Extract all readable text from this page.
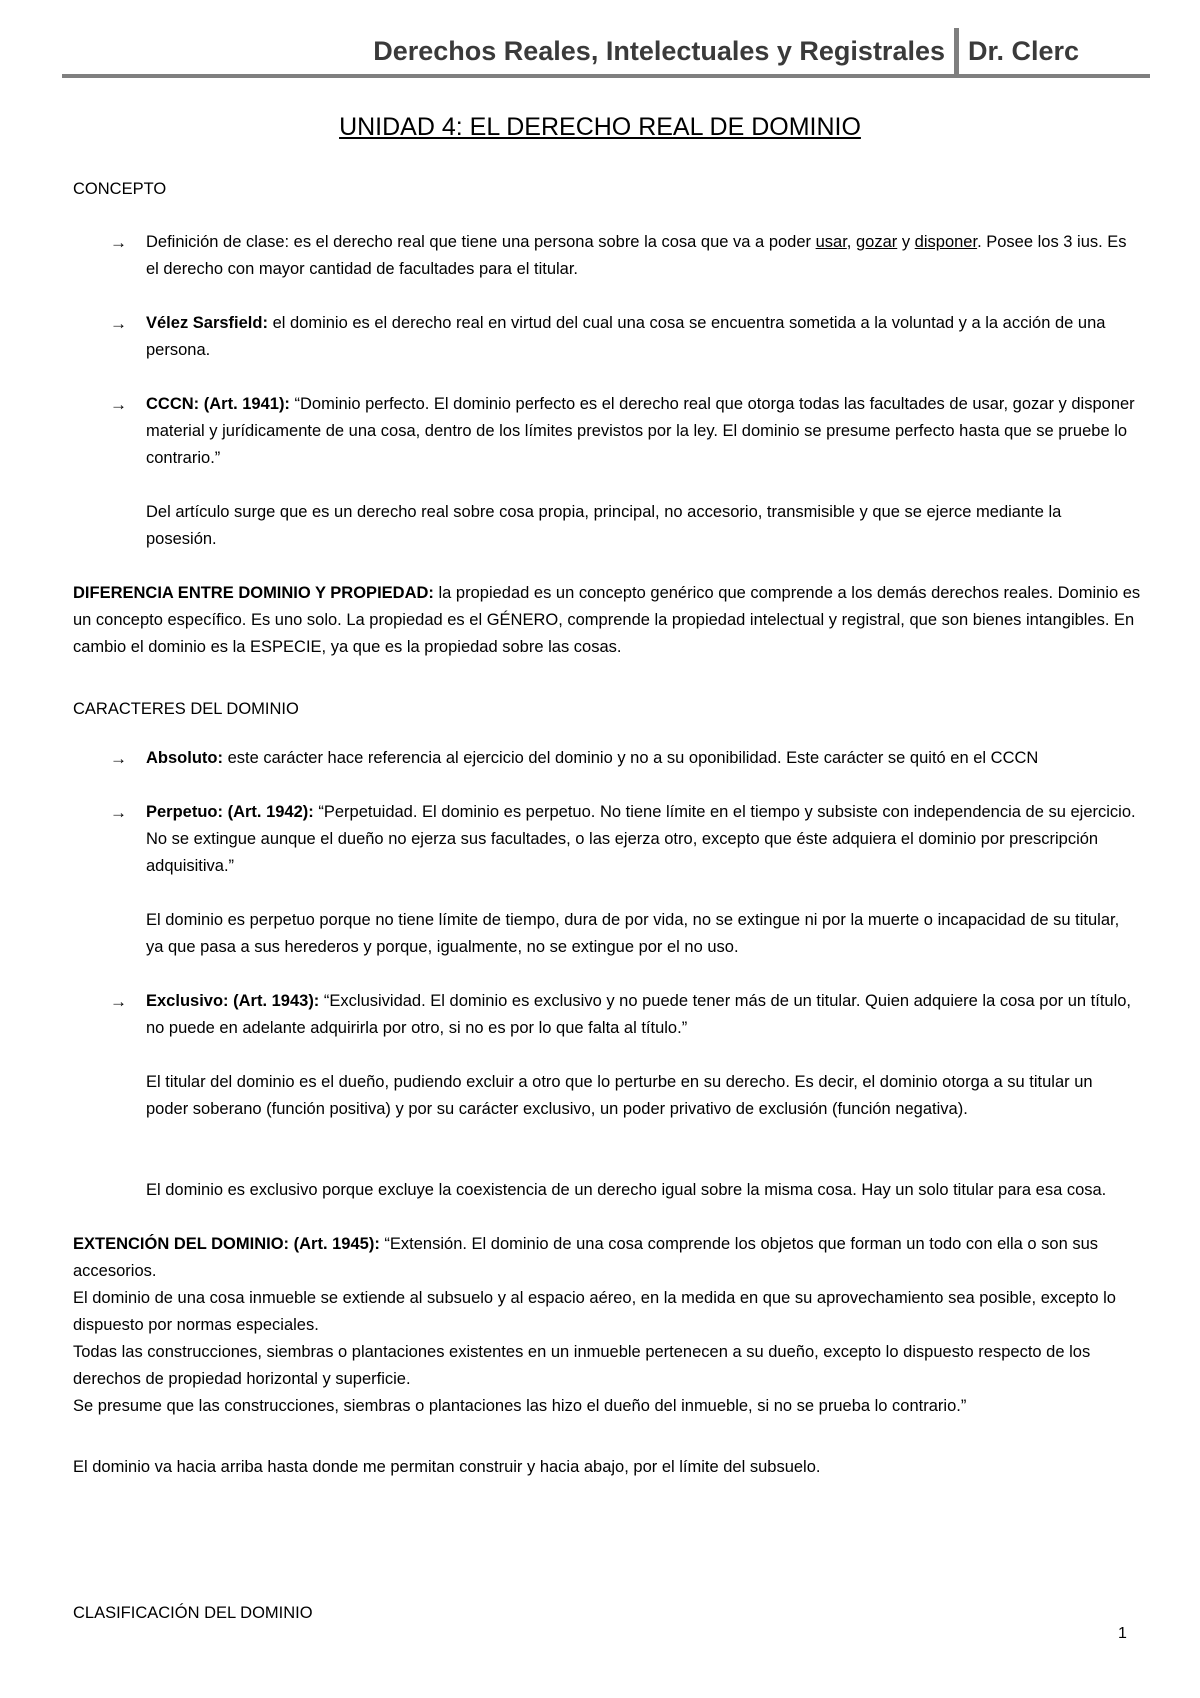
Derechos Reales, Intelectuales y Registrales Dr. Clerc
UNIDAD 4: EL DERECHO REAL DE DOMINIO
CONCEPTO
→ Definición de clase: es el derecho real que tiene una persona sobre la cosa que va a poder usar, gozar y disponer. Posee los 3 ius. Es el derecho con mayor cantidad de facultades para el titular.
→ Vélez Sarsfield: el dominio es el derecho real en virtud del cual una cosa se encuentra sometida a la voluntad y a la acción de una persona.
→ CCCN: (Art. 1941): “Dominio perfecto. El dominio perfecto es el derecho real que otorga todas las facultades de usar, gozar y disponer material y jurídicamente de una cosa, dentro de los límites previstos por la ley. El dominio se presume perfecto hasta que se pruebe lo contrario.”
Del artículo surge que es un derecho real sobre cosa propia, principal, no accesorio, transmisible y que se ejerce mediante la posesión.
DIFERENCIA ENTRE DOMINIO Y PROPIEDAD: la propiedad es un concepto genérico que comprende a los demás derechos reales. Dominio es un concepto específico. Es uno solo. La propiedad es el GÉNERO, comprende la propiedad intelectual y registral, que son bienes intangibles. En cambio el dominio es la ESPECIE, ya que es la propiedad sobre las cosas.
CARACTERES DEL DOMINIO
→ Absoluto: este carácter hace referencia al ejercicio del dominio y no a su oponibilidad. Este carácter se quitó en el CCCN
→ Perpetuo: (Art. 1942): “Perpetuidad. El dominio es perpetuo. No tiene límite en el tiempo y subsiste con independencia de su ejercicio. No se extingue aunque el dueño no ejerza sus facultades, o las ejerza otro, excepto que éste adquiera el dominio por prescripción adquisitiva.”
El dominio es perpetuo porque no tiene límite de tiempo, dura de por vida, no se extingue ni por la muerte o incapacidad de su titular, ya que pasa a sus herederos y porque, igualmente, no se extingue por el no uso.
→ Exclusivo: (Art. 1943): “Exclusividad. El dominio es exclusivo y no puede tener más de un titular. Quien adquiere la cosa por un título, no puede en adelante adquirirla por otro, si no es por lo que falta al título.”
El titular del dominio es el dueño, pudiendo excluir a otro que lo perturbe en su derecho. Es decir, el dominio otorga a su titular un poder soberano (función positiva) y por su carácter exclusivo, un poder privativo de exclusión (función negativa).
El dominio es exclusivo porque excluye la coexistencia de un derecho igual sobre la misma cosa. Hay un solo titular para esa cosa.
EXTENCIÓN DEL DOMINIO: (Art. 1945): “Extensión. El dominio de una cosa comprende los objetos que forman un todo con ella o son sus accesorios.
El dominio de una cosa inmueble se extiende al subsuelo y al espacio aéreo, en la medida en que su aprovechamiento sea posible, excepto lo dispuesto por normas especiales.
Todas las construcciones, siembras o plantaciones existentes en un inmueble pertenecen a su dueño, excepto lo dispuesto respecto de los derechos de propiedad horizontal y superficie.
Se presume que las construcciones, siembras o plantaciones las hizo el dueño del inmueble, si no se prueba lo contrario.”
El dominio va hacia arriba hasta donde me permitan construir y hacia abajo, por el límite del subsuelo.
CLASIFICACIÓN DEL DOMINIO
1
